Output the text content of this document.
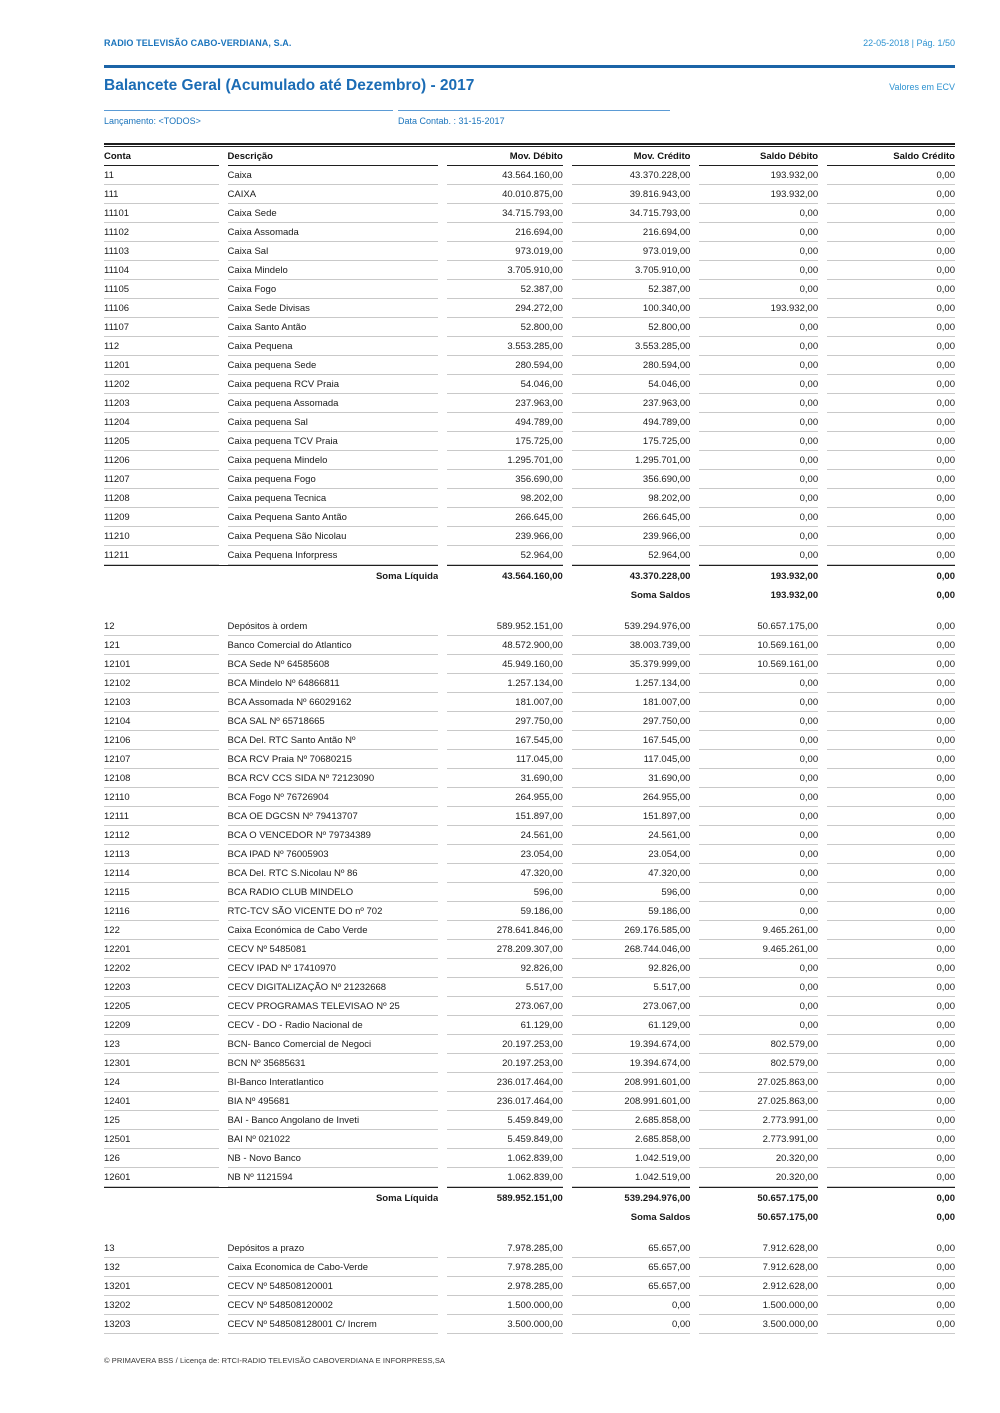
RADIO TELEVISÃO CABO-VERDIANA, S.A.	22-05-2018 | Pág. 1/50
Balancete Geral (Acumulado até Dezembro) - 2017	Valores em ECV
Lançamento: <TODOS>	Data Contab. : 31-15-2017
Conta	Descrição	Mov. Débito	Mov. Crédito	Saldo Débito	Saldo Crédito
11	Caixa	43.564.160,00	43.370.228,00	193.932,00	0,00
111	CAIXA	40.010.875,00	39.816.943,00	193.932,00	0,00
11101	Caixa Sede	34.715.793,00	34.715.793,00	0,00	0,00
11102	Caixa Assomada	216.694,00	216.694,00	0,00	0,00
11103	Caixa Sal	973.019,00	973.019,00	0,00	0,00
11104	Caixa Mindelo	3.705.910,00	3.705.910,00	0,00	0,00
11105	Caixa Fogo	52.387,00	52.387,00	0,00	0,00
11106	Caixa Sede Divisas	294.272,00	100.340,00	193.932,00	0,00
11107	Caixa Santo Antão	52.800,00	52.800,00	0,00	0,00
112	Caixa Pequena	3.553.285,00	3.553.285,00	0,00	0,00
11201	Caixa pequena Sede	280.594,00	280.594,00	0,00	0,00
11202	Caixa pequena RCV Praia	54.046,00	54.046,00	0,00	0,00
11203	Caixa pequena Assomada	237.963,00	237.963,00	0,00	0,00
11204	Caixa pequena Sal	494.789,00	494.789,00	0,00	0,00
11205	Caixa pequena TCV Praia	175.725,00	175.725,00	0,00	0,00
11206	Caixa pequena Mindelo	1.295.701,00	1.295.701,00	0,00	0,00
11207	Caixa pequena Fogo	356.690,00	356.690,00	0,00	0,00
11208	Caixa pequena Tecnica	98.202,00	98.202,00	0,00	0,00
11209	Caixa Pequena Santo Antão	266.645,00	266.645,00	0,00	0,00
11210	Caixa Pequena São Nicolau	239.966,00	239.966,00	0,00	0,00
11211	Caixa Pequena Inforpress	52.964,00	52.964,00	0,00	0,00
Soma Líquida		43.564.160,00	43.370.228,00	193.932,00	0,00
			Soma Saldos	193.932,00	0,00

12	Depósitos à ordem	589.952.151,00	539.294.976,00	50.657.175,00	0,00
121	Banco Comercial do Atlantico	48.572.900,00	38.003.739,00	10.569.161,00	0,00
12101	BCA Sede Nº 64585608	45.949.160,00	35.379.999,00	10.569.161,00	0,00
12102	BCA Mindelo Nº 64866811	1.257.134,00	1.257.134,00	0,00	0,00
12103	BCA Assomada Nº 66029162	181.007,00	181.007,00	0,00	0,00
12104	BCA SAL Nº 65718665	297.750,00	297.750,00	0,00	0,00
12106	BCA Del. RTC Santo Antão Nº	167.545,00	167.545,00	0,00	0,00
12107	BCA RCV Praia Nº 70680215	117.045,00	117.045,00	0,00	0,00
12108	BCA RCV CCS SIDA Nº 72123090	31.690,00	31.690,00	0,00	0,00
12110	BCA Fogo Nº 76726904	264.955,00	264.955,00	0,00	0,00
12111	BCA OE DGCSN Nº 79413707	151.897,00	151.897,00	0,00	0,00
12112	BCA O VENCEDOR Nº 79734389	24.561,00	24.561,00	0,00	0,00
12113	BCA IPAD Nº 76005903	23.054,00	23.054,00	0,00	0,00
12114	BCA Del. RTC S.Nicolau Nº 86	47.320,00	47.320,00	0,00	0,00
12115	BCA RADIO CLUB MINDELO	596,00	596,00	0,00	0,00
12116	RTC-TCV SÃO VICENTE DO nº 702	59.186,00	59.186,00	0,00	0,00
122	Caixa Económica de Cabo Verde	278.641.846,00	269.176.585,00	9.465.261,00	0,00
12201	CECV Nº 5485081	278.209.307,00	268.744.046,00	9.465.261,00	0,00
12202	CECV IPAD Nº 17410970	92.826,00	92.826,00	0,00	0,00
12203	CECV DIGITALIZAÇÃO Nº 21232668	5.517,00	5.517,00	0,00	0,00
12205	CECV PROGRAMAS TELEVISAO Nº 25	273.067,00	273.067,00	0,00	0,00
12209	CECV - DO - Radio Nacional de	61.129,00	61.129,00	0,00	0,00
123	BCN- Banco Comercial de Negoci	20.197.253,00	19.394.674,00	802.579,00	0,00
12301	BCN Nº 35685631	20.197.253,00	19.394.674,00	802.579,00	0,00
124	BI-Banco Interatlantico	236.017.464,00	208.991.601,00	27.025.863,00	0,00
12401	BIA Nº 495681	236.017.464,00	208.991.601,00	27.025.863,00	0,00
125	BAI - Banco Angolano de Inveti	5.459.849,00	2.685.858,00	2.773.991,00	0,00
12501	BAI Nº 021022	5.459.849,00	2.685.858,00	2.773.991,00	0,00
126	NB - Novo Banco	1.062.839,00	1.042.519,00	20.320,00	0,00
12601	NB Nº 1121594	1.062.839,00	1.042.519,00	20.320,00	0,00
Soma Líquida		589.952.151,00	539.294.976,00	50.657.175,00	0,00
			Soma Saldos	50.657.175,00	0,00

13	Depósitos a prazo	7.978.285,00	65.657,00	7.912.628,00	0,00
132	Caixa Economica de Cabo-Verde	7.978.285,00	65.657,00	7.912.628,00	0,00
13201	CECV Nº 548508120001	2.978.285,00	65.657,00	2.912.628,00	0,00
13202	CECV Nº 548508120002	1.500.000,00	0,00	1.500.000,00	0,00
13203	CECV Nº 548508128001 C/ Increm	3.500.000,00	0,00	3.500.000,00	0,00
© PRIMAVERA BSS / Licença de: RTCI-RADIO TELEVISÃO CABOVERDIANA E INFORPRESS,SA
